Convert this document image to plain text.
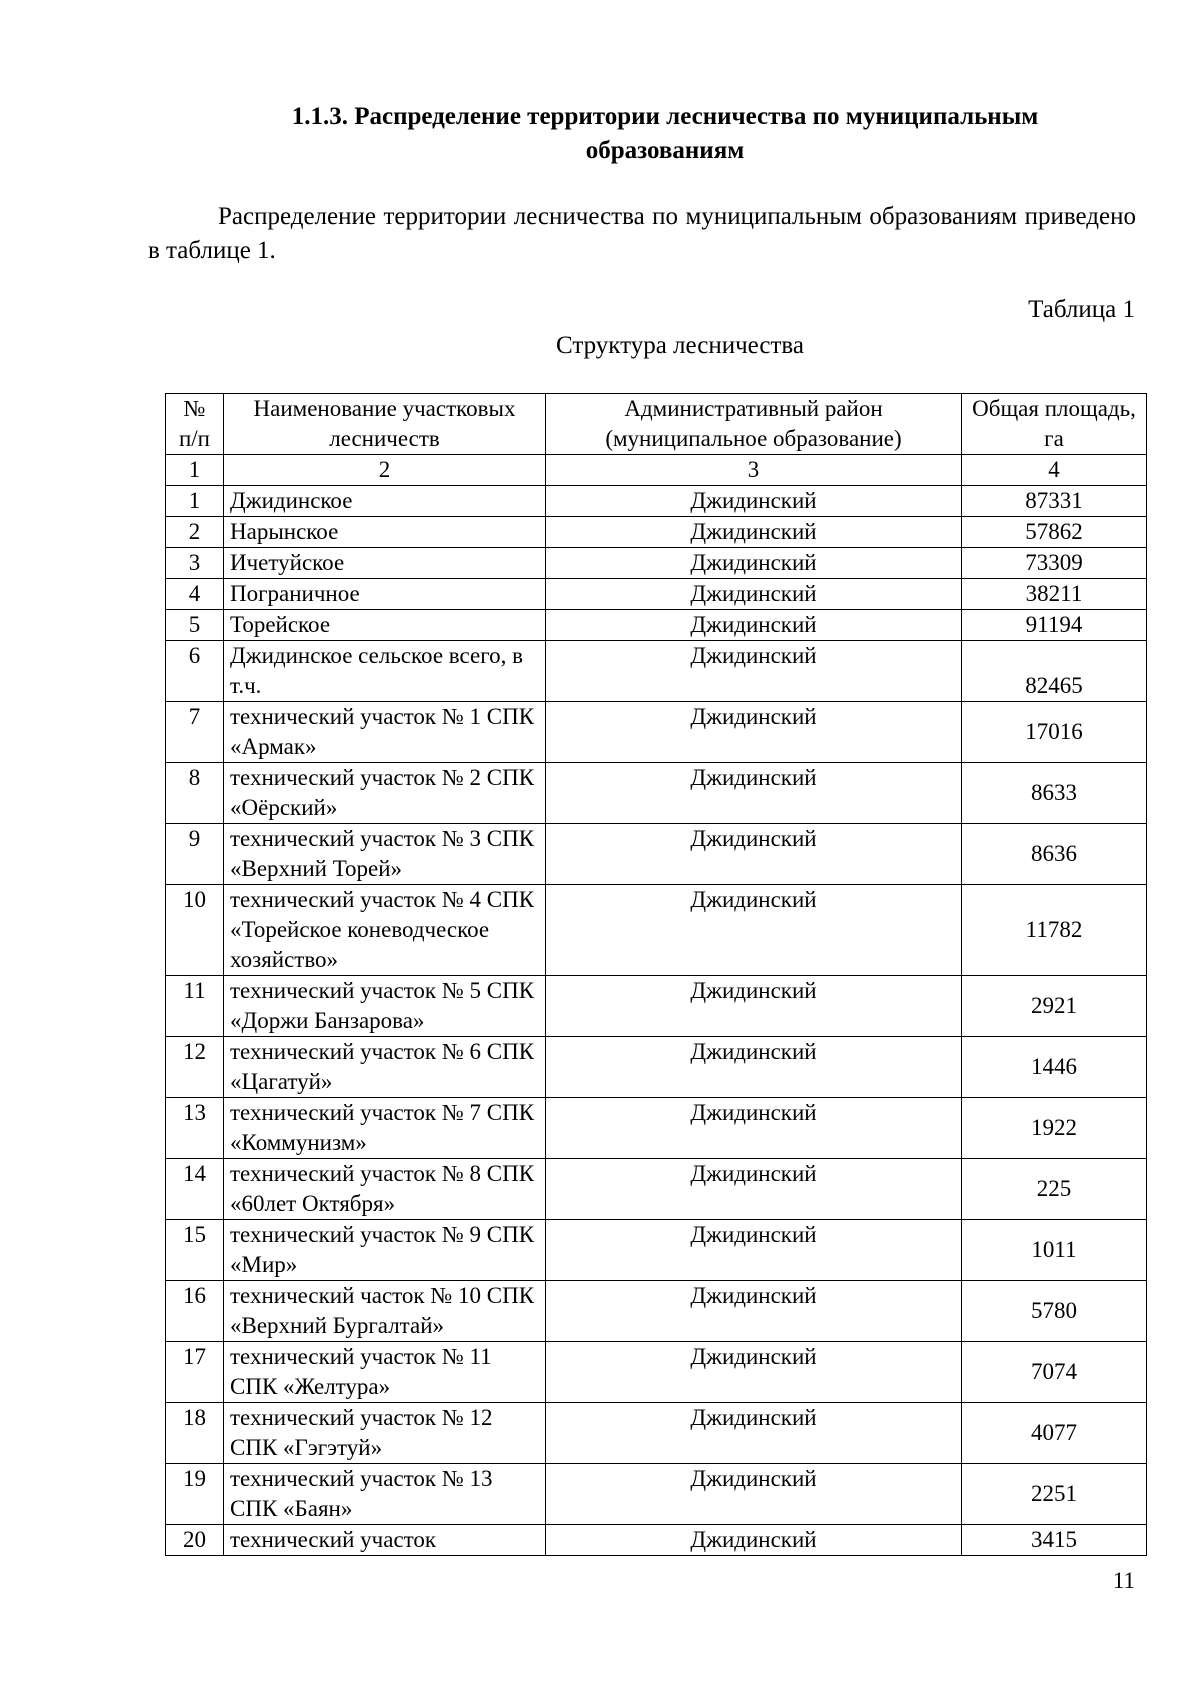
1.1.3. Распределение территории лесничества по муниципальным
образованиям
Распределение территории лесничества по муниципальным образованиям приведено в таблице 1.
Таблица 1
Структура лесничества
№ п/п	Наименование участковых лесничеств	Административный район (муниципальное образование)	Общая площадь, га
1	2	3	4
1	Джидинское	Джидинский	87331
2	Нарынское	Джидинский	57862
3	Ичетуйское	Джидинский	73309
4	Пограничное	Джидинский	38211
5	Торейское	Джидинский	91194
6	Джидинское сельское всего, в т.ч.	Джидинский	82465
7	технический участок № 1 СПК «Армак»	Джидинский	17016
8	технический участок № 2 СПК «Оёрский»	Джидинский	8633
9	технический участок № 3 СПК «Верхний Торей»	Джидинский	8636
10	технический участок № 4 СПК «Торейское коневодческое хозяйство»	Джидинский	11782
11	технический участок № 5 СПК «Доржи Банзарова»	Джидинский	2921
12	технический участок № 6 СПК «Цагатуй»	Джидинский	1446
13	технический участок № 7 СПК «Коммунизм»	Джидинский	1922
14	технический участок № 8 СПК «60лет Октября»	Джидинский	225
15	технический участок № 9 СПК «Мир»	Джидинский	1011
16	технический часток № 10 СПК «Верхний Бургалтай»	Джидинский	5780
17	технический участок № 11 СПК «Желтура»	Джидинский	7074
18	технический участок № 12 СПК «Гэгэтуй»	Джидинский	4077
19	технический участок № 13 СПК «Баян»	Джидинский	2251
20	технический участок	Джидинский	3415
11
